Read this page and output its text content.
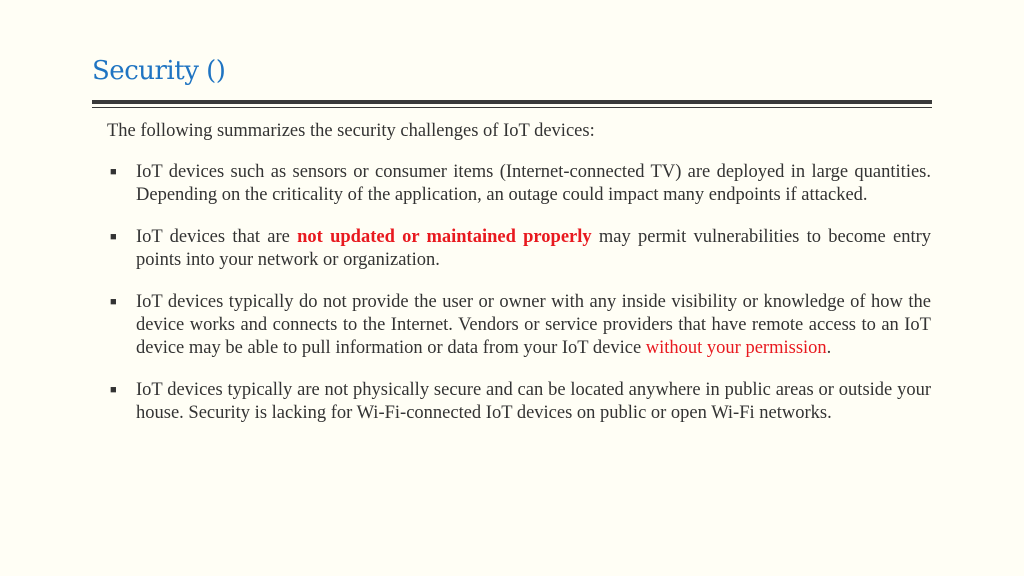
Security ()

The following summarizes the security challenges of IoT devices:

■ IoT devices such as sensors or consumer items (Internet-connected TV) are deployed in large quantities. Depending on the criticality of the application, an outage could impact many endpoints if attacked.
■ IoT devices that are not updated or maintained properly may permit vulnerabilities to become entry points into your network or organization.
■ IoT devices typically do not provide the user or owner with any inside visibility or knowledge of how the device works and connects to the Internet. Vendors or service providers that have remote access to an IoT device may be able to pull information or data from your IoT device without your permission.
■ IoT devices typically are not physically secure and can be located anywhere in public areas or outside your house. Security is lacking for Wi-Fi-connected IoT devices on public or open Wi-Fi networks.
